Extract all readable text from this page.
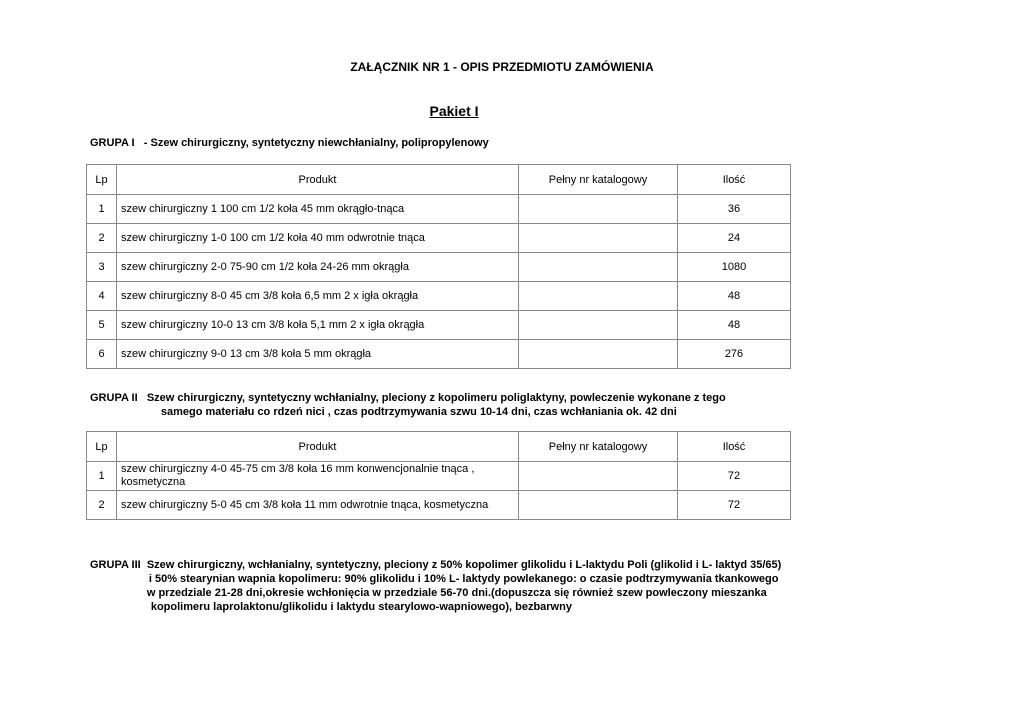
ZAŁĄCZNIK NR 1 - OPIS PRZEDMIOTU ZAMÓWIENIA
Pakiet I
GRUPA I   - Szew chirurgiczny, syntetyczny niewchłanialny, polipropylenowy
Lp	Produkt	Pełny nr katalogowy	Ilość
1	szew chirurgiczny 1 100 cm 1/2 koła 45 mm okrągło-tnąca		36
2	szew chirurgiczny 1-0 100 cm 1/2 koła 40 mm odwrotnie tnąca		24
3	szew chirurgiczny 2-0 75-90 cm 1/2 koła 24-26 mm okrągła		1080
4	szew chirurgiczny 8-0 45 cm 3/8 koła 6,5 mm 2 x igła okrągła		48
5	szew chirurgiczny 10-0 13 cm 3/8 koła 5,1 mm 2 x igła okrągła		48
6	szew chirurgiczny 9-0 13 cm 3/8 koła 5 mm okrągła		276
GRUPA II Szew chirurgiczny, syntetyczny wchłanialny, pleciony z kopolimeru poliglaktyny, powleczenie wykonane z tego
samego materiału co rdzeń nici , czas podtrzymywania szwu 10-14 dni, czas wchłaniania ok. 42 dni
Lp	Produkt	Pełny nr katalogowy	Ilość
1	szew chirurgiczny 4-0 45-75 cm 3/8 koła 16 mm konwencjonalnie tnąca ,
kosmetyczna		72
2	szew chirurgiczny 5-0 45 cm 3/8 koła 11 mm odwrotnie tnąca, kosmetyczna		72
GRUPA III Szew chirurgiczny, wchłanialny, syntetyczny, pleciony z 50% kopolimer glikolidu i L-laktydu Poli (glikolid i L- laktyd 35/65)
i 50% stearynian wapnia kopolimeru: 90% glikolidu i 10% L- laktydy powlekanego: o czasie podtrzymywania tkankowego
w przedziale 21-28 dni,okresie wchłonięcia w przedziale 56-70 dni.(dopuszcza się również szew powleczony mieszanka
kopolimeru laprolaktonu/glikolidu i laktydu stearylowo-wapniowego), bezbarwny
